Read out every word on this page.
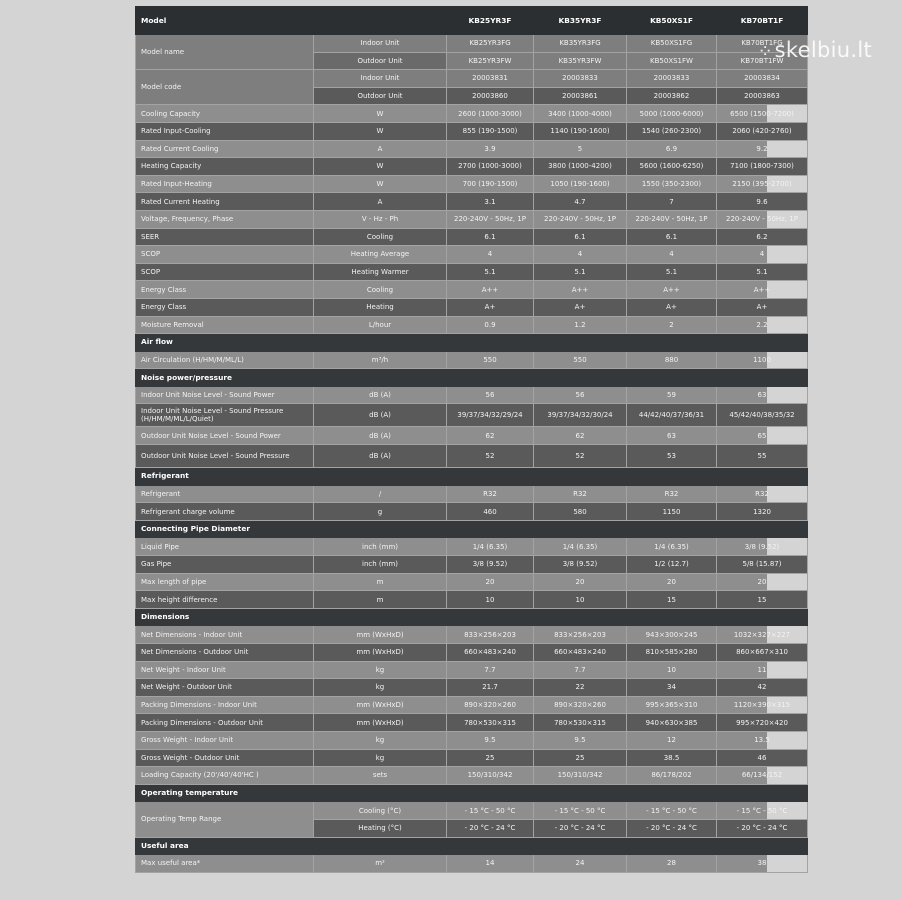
Model		KB25YR3F	KB35YR3F	KB50XS1F	KB70BT1F
Model name	Indoor Unit	KB25YR3FG	KB35YR3FG	KB50XS1FG	KB70BT1FG
	Outdoor Unit	KB25YR3FW	KB35YR3FW	KB50XS1FW	KB70BT1FW
Model code	Indoor Unit	20003831	20003833	20003833	20003834
	Outdoor Unit	20003860	20003861	20003862	20003863
Cooling Capacity	W	2600 (1000-3000)	3400 (1000-4000)	5000 (1000-6000)	6500 (1500-7200)
Rated Input-Cooling	W	855 (190-1500)	1140 (190-1600)	1540 (260-2300)	2060 (420-2760)
Rated Current Cooling	A	3.9	5	6.9	9.2
Heating Capacity	W	2700 (1000-3000)	3800 (1000-4200)	5600 (1600-6250)	7100 (1800-7300)
Rated Input-Heating	W	700 (190-1500)	1050 (190-1600)	1550 (350-2300)	2150 (395-2700)
Rated Current Heating	A	3.1	4.7	7	9.6
Voltage, Frequency, Phase	V - Hz - Ph	220-240V - 50Hz, 1P	220-240V - 50Hz, 1P	220-240V - 50Hz, 1P	220-240V - 50Hz, 1P
SEER	Cooling	6.1	6.1	6.1	6.2
SCOP	Heating Average	4	4	4	4
SCOP	Heating Warmer	5.1	5.1	5.1	5.1
Energy Class	Cooling	A++	A++	A++	A++
Energy Class	Heating	A+	A+	A+	A+
Moisture Removal	L/hour	0.9	1.2	2	2.2
Air flow					
Air Circulation (H/HM/M/ML/L)	m³/h	550	550	880	1100
Noise power/pressure					
Indoor Unit Noise Level - Sound Power	dB (A)	56	56	59	63
Indoor Unit Noise Level - Sound Pressure (H/HM/M/ML/L/Quiet)	dB (A)	39/37/34/32/29/24	39/37/34/32/30/24	44/42/40/37/36/31	45/42/40/38/35/32
Outdoor Unit Noise Level - Sound Power	dB (A)	62	62	63	65
Outdoor Unit Noise Level - Sound Pressure	dB (A)	52	52	53	55
Refrigerant					
Refrigerant	/	R32	R32	R32	R32
Refrigerant charge volume	g	460	580	1150	1320
Connecting Pipe Diameter					
Liquid Pipe	inch (mm)	1/4 (6.35)	1/4 (6.35)	1/4 (6.35)	3/8 (9.52)
Gas Pipe	inch (mm)	3/8 (9.52)	3/8 (9.52)	1/2 (12.7)	5/8 (15.87)
Max length of pipe	m	20	20	20	20
Max height difference	m	10	10	15	15
Dimensions					
Net Dimensions - Indoor Unit	mm (WxHxD)	833×256×203	833×256×203	943×300×245	1032×327×227
Net Dimensions - Outdoor Unit	mm (WxHxD)	660×483×240	660×483×240	810×585×280	860×667×310
Net Weight - Indoor Unit	kg	7.7	7.7	10	11
Net Weight - Outdoor Unit	kg	21.7	22	34	42
Packing Dimensions - Indoor Unit	mm (WxHxD)	890×320×260	890×320×260	995×365×310	1120×390×315
Packing Dimensions - Outdoor Unit	mm (WxHxD)	780×530×315	780×530×315	940×630×385	995×720×420
Gross Weight - Indoor Unit	kg	9.5	9.5	12	13.5
Gross Weight - Outdoor Unit	kg	25	25	38.5	46
Loading Capacity (20'/40'/40'HC )	sets	150/310/342	150/310/342	86/178/202	66/134/152
Operating temperature					
Operating Temp Range	Cooling (°C)	- 15 °C - 50 °C	- 15 °C - 50 °C	- 15 °C - 50 °C	- 15 °C - 50 °C
	Heating (°C)	- 20 °C - 24 °C	- 20 °C - 24 °C	- 20 °C - 24 °C	- 20 °C - 24 °C
Useful area					
Max useful area*	m²	14	24	28	38
⁘ skelbiu.lt
